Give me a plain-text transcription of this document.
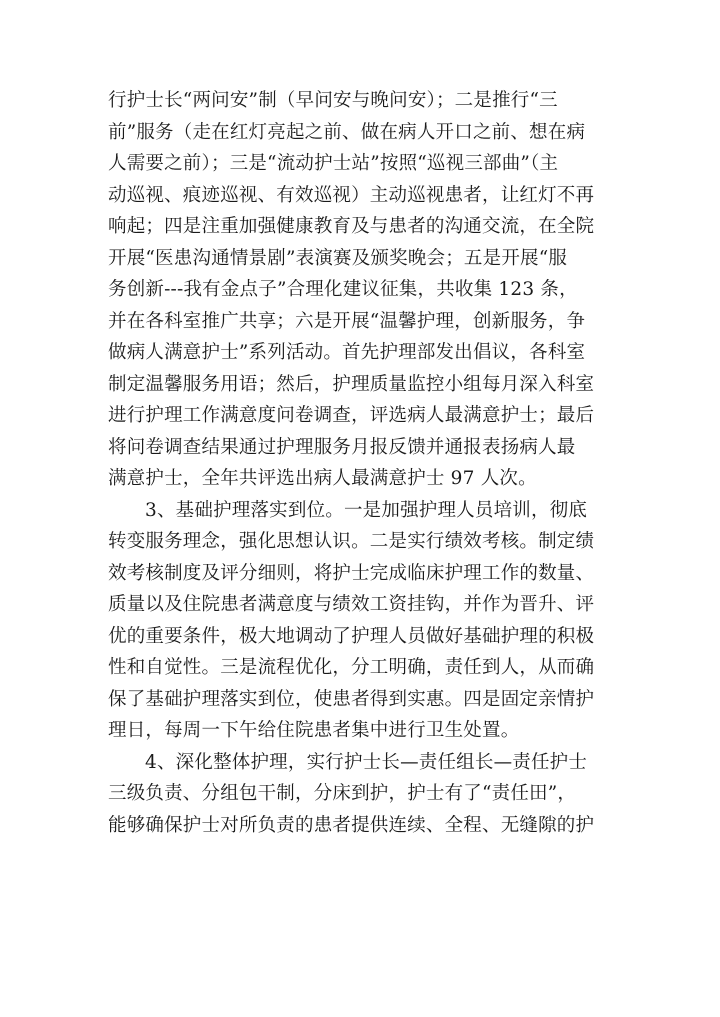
行护士长“两问安”制（早问安与晚问安）；二是推行“三
前”服务（走在红灯亮起之前、做在病人开口之前、想在病
人需要之前）；三是“流动护士站”按照“巡视三部曲”（主
动巡视、痕迹巡视、有效巡视）主动巡视患者，让红灯不再
响起；四是注重加强健康教育及与患者的沟通交流，在全院
开展“医患沟通情景剧”表演赛及颁奖晚会；五是开展“服
务创新---我有金点子”合理化建议征集，共收集 123 条，
并在各科室推广共享；六是开展“温馨护理，创新服务，争
做病人满意护士”系列活动。首先护理部发出倡议，各科室
制定温馨服务用语；然后，护理质量监控小组每月深入科室
进行护理工作满意度问卷调查，评选病人最满意护士；最后
将问卷调查结果通过护理服务月报反馈并通报表扬病人最
满意护士，全年共评选出病人最满意护士 97 人次。
3、基础护理落实到位。一是加强护理人员培训，彻底
转变服务理念，强化思想认识。二是实行绩效考核。制定绩
效考核制度及评分细则，将护士完成临床护理工作的数量、
质量以及住院患者满意度与绩效工资挂钩，并作为晋升、评
优的重要条件，极大地调动了护理人员做好基础护理的积极
性和自觉性。三是流程优化，分工明确，责任到人，从而确
保了基础护理落实到位，使患者得到实惠。四是固定亲情护
理日，每周一下午给住院患者集中进行卫生处置。
4、深化整体护理，实行护士长—责任组长—责任护士
三级负责、分组包干制，分床到护，护士有了“责任田”，
能够确保护士对所负责的患者提供连续、全程、无缝隙的护
